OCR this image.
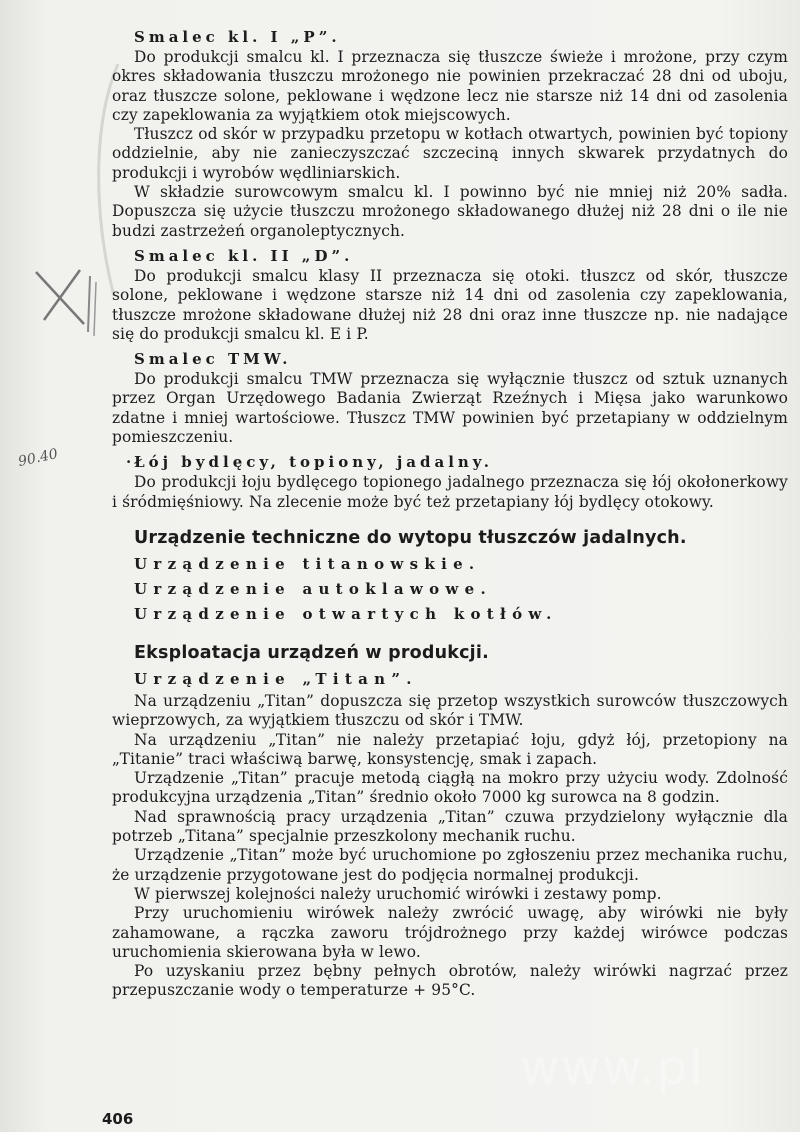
90.40

Smalec kl. I „P”.

Do produkcji smalcu kl. I przeznacza się tłuszcze świeże i mrożone, przy czym okres składowania tłuszczu mrożonego nie powinien przekraczać 28 dni od uboju, oraz tłuszcze solone, peklowane i wędzone lecz nie starsze niż 14 dni od zasolenia czy zapeklowania za wyjątkiem otok miejscowych.

Tłuszcz od skór w przypadku przetopu w kotłach otwartych, powinien być topiony oddzielnie, aby nie zanieczyszczać szczeciną innych skwarek przydatnych do produkcji i wyrobów wędliniarskich.

W składzie surowcowym smalcu kl. I powinno być nie mniej niż 20% sadła. Dopuszcza się użycie tłuszczu mrożonego składowanego dłużej niż 28 dni o ile nie budzi zastrzeżeń organoleptycznych.

Smalec kl. II „D”.

Do produkcji smalcu klasy II przeznacza się otoki. tłuszcz od skór, tłuszcze solone, peklowane i wędzone starsze niż 14 dni od zasolenia czy zapeklowania, tłuszcze mrożone składowane dłużej niż 28 dni oraz inne tłuszcze np. nie nadające się do produkcji smalcu kl. E i P.

Smalec TMW.

Do produkcji smalcu TMW przeznacza się wyłącznie tłuszcz od sztuk uznanych przez Organ Urzędowego Badania Zwierząt Rzeźnych i Mięsa jako warunkowo zdatne i mniej wartościowe. Tłuszcz TMW powinien być przetapiany w oddzielnym pomieszczeniu.

·
Łój bydlęcy, topiony, jadalny.

Do produkcji łoju bydlęcego topionego jadalnego przeznacza się łój okołonerkowy i śródmięśniowy. Na zlecenie może być też przetapiany łój bydlęcy otokowy.

Urządzenie techniczne do wytopu tłuszczów jadalnych.

Urządzenie titanowskie.

Urządzenie autoklawowe.

Urządzenie otwartych kotłów.

Eksploatacja urządzeń w produkcji.

Urządzenie „Titan”.

Na urządzeniu „Titan” dopuszcza się przetop wszystkich surowców tłuszczowych wieprzowych, za wyjątkiem tłuszczu od skór i TMW.

Na urządzeniu „Titan” nie należy przetapiać łoju, gdyż łój, przetopiony na „Titanie” traci właściwą barwę, konsystencję, smak i zapach.

Urządzenie „Titan” pracuje metodą ciągłą na mokro przy użyciu wody. Zdolność produkcyjna urządzenia „Titan” średnio około 7000 kg surowca na 8 godzin.

Nad sprawnością pracy urządzenia „Titan” czuwa przydzielony wyłącznie dla potrzeb „Titana” specjalnie przeszkolony mechanik ruchu.

Urządzenie „Titan” może być uruchomione po zgłoszeniu przez mechanika ruchu, że urządzenie przygotowane jest do podjęcia normalnej produkcji.

W pierwszej kolejności należy uruchomić wirówki i zestawy pomp.

Przy uruchomieniu wirówek należy zwrócić uwagę, aby wirówki nie były zahamowane, a rączka zaworu trójdrożnego przy każdej wirówce podczas uruchomienia skierowana była w lewo.

Po uzyskaniu przez bębny pełnych obrotów, należy wirówki nagrzać przez przepuszczanie wody o temperaturze + 95°C.

www.pl
406
